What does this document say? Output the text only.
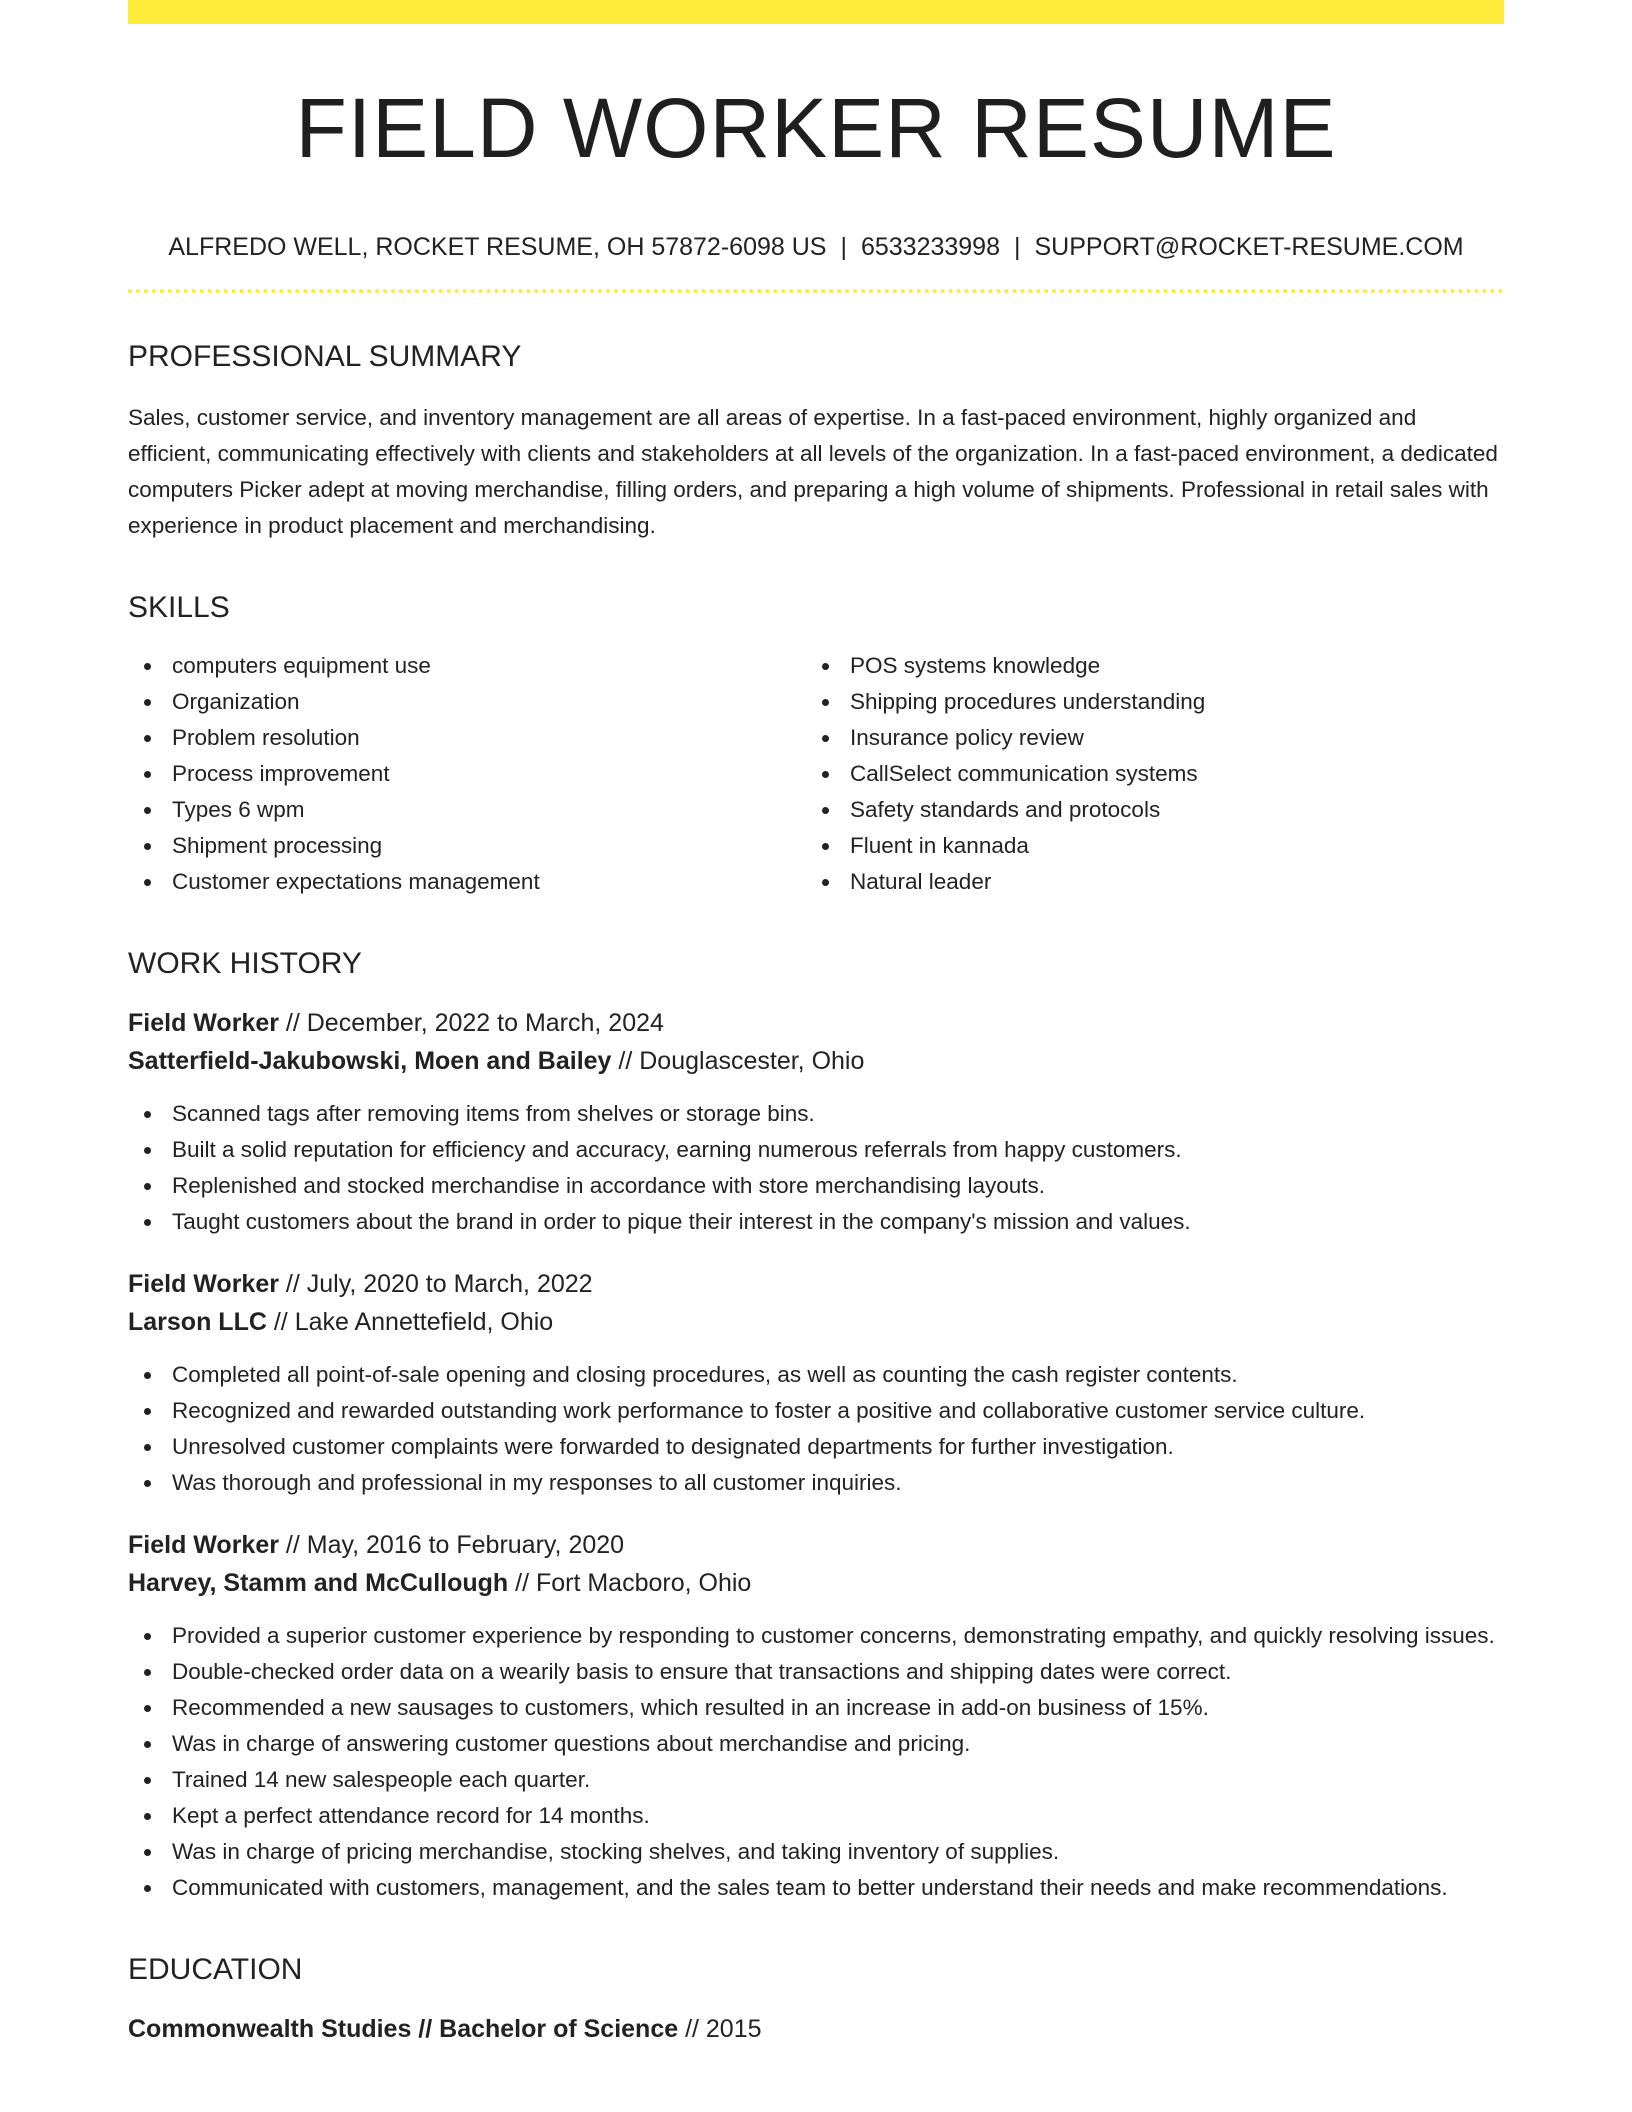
FIELD WORKER RESUME
ALFREDO WELL, ROCKET RESUME, OH 57872-6098 US | 6533233998 | SUPPORT@ROCKET-RESUME.COM
PROFESSIONAL SUMMARY
Sales, customer service, and inventory management are all areas of expertise. In a fast-paced environment, highly organized and efficient, communicating effectively with clients and stakeholders at all levels of the organization. In a fast-paced environment, a dedicated computers Picker adept at moving merchandise, filling orders, and preparing a high volume of shipments. Professional in retail sales with experience in product placement and merchandising.
SKILLS
computers equipment use
Organization
Problem resolution
Process improvement
Types 6 wpm
Shipment processing
Customer expectations management
POS systems knowledge
Shipping procedures understanding
Insurance policy review
CallSelect communication systems
Safety standards and protocols
Fluent in kannada
Natural leader
WORK HISTORY
Field Worker // December, 2022 to March, 2024
Satterfield-Jakubowski, Moen and Bailey // Douglascester, Ohio
Scanned tags after removing items from shelves or storage bins.
Built a solid reputation for efficiency and accuracy, earning numerous referrals from happy customers.
Replenished and stocked merchandise in accordance with store merchandising layouts.
Taught customers about the brand in order to pique their interest in the company's mission and values.
Field Worker // July, 2020 to March, 2022
Larson LLC // Lake Annettefield, Ohio
Completed all point-of-sale opening and closing procedures, as well as counting the cash register contents.
Recognized and rewarded outstanding work performance to foster a positive and collaborative customer service culture.
Unresolved customer complaints were forwarded to designated departments for further investigation.
Was thorough and professional in my responses to all customer inquiries.
Field Worker // May, 2016 to February, 2020
Harvey, Stamm and McCullough // Fort Macboro, Ohio
Provided a superior customer experience by responding to customer concerns, demonstrating empathy, and quickly resolving issues.
Double-checked order data on a wearily basis to ensure that transactions and shipping dates were correct.
Recommended a new sausages to customers, which resulted in an increase in add-on business of 15%.
Was in charge of answering customer questions about merchandise and pricing.
Trained 14 new salespeople each quarter.
Kept a perfect attendance record for 14 months.
Was in charge of pricing merchandise, stocking shelves, and taking inventory of supplies.
Communicated with customers, management, and the sales team to better understand their needs and make recommendations.
EDUCATION
Commonwealth Studies // Bachelor of Science // 2015
